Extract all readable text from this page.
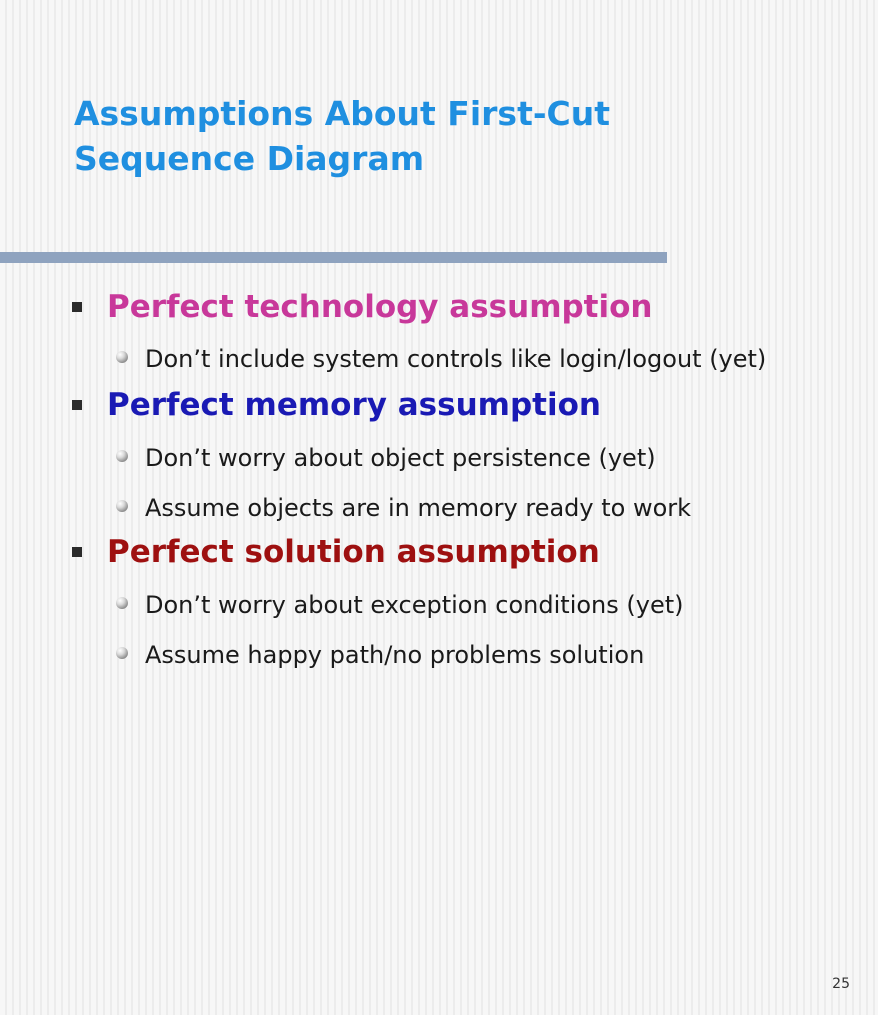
Assumptions About First-Cut
Sequence Diagram
Perfect technology assumption
Don’t include system controls like login/logout (yet)
Perfect memory assumption
Don’t worry about object persistence (yet)
Assume objects are in memory ready to work
Perfect solution assumption
Don’t worry about exception conditions (yet)
Assume happy path/no problems solution
25
